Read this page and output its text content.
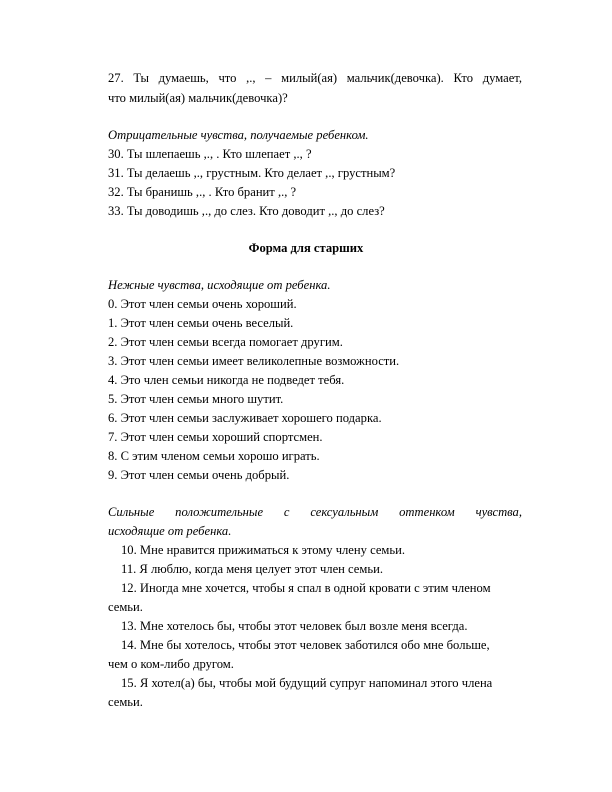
27. Ты думаешь, что ,., – милый(ая) мальчик(девочка). Кто думает,
что милый(ая) мальчик(девочка)?
Отрицательные чувства, получаемые ребенком.
30. Ты шлепаешь ,., . Кто шлепает ,., ?
31. Ты делаешь ,., грустным. Кто делает ,., грустным?
32. Ты бранишь ,., . Кто бранит ,., ?
33. Ты доводишь ,., до слез. Кто доводит ,., до слез?
Форма для старших
Нежные чувства, исходящие от ребенка.
0. Этот член семьи очень хороший.
1. Этот член семьи очень веселый.
2. Этот член семьи всегда помогает другим.
3. Этот член семьи имеет великолепные возможности.
4. Это член семьи никогда не подведет тебя.
5. Этот член семьи много шутит.
6. Этот член семьи заслуживает хорошего подарка.
7. Этот член семьи хороший спортсмен.
8. С этим членом семьи хорошо играть.
9. Этот член семьи очень добрый.
Сильные положительные с сексуальным оттенком чувства,
исходящие от ребенка.
10. Мне нравится прижиматься к этому члену семьи.
11. Я люблю, когда меня целует этот член семьи.
12. Иногда мне хочется, чтобы я спал в одной кровати с этим членом
семьи.
13. Мне хотелось бы, чтобы этот человек был возле меня всегда.
14. Мне бы хотелось, чтобы этот человек заботился обо мне больше,
чем о ком-либо другом.
15. Я хотел(а) бы, чтобы мой будущий супруг напоминал этого члена
семьи.
